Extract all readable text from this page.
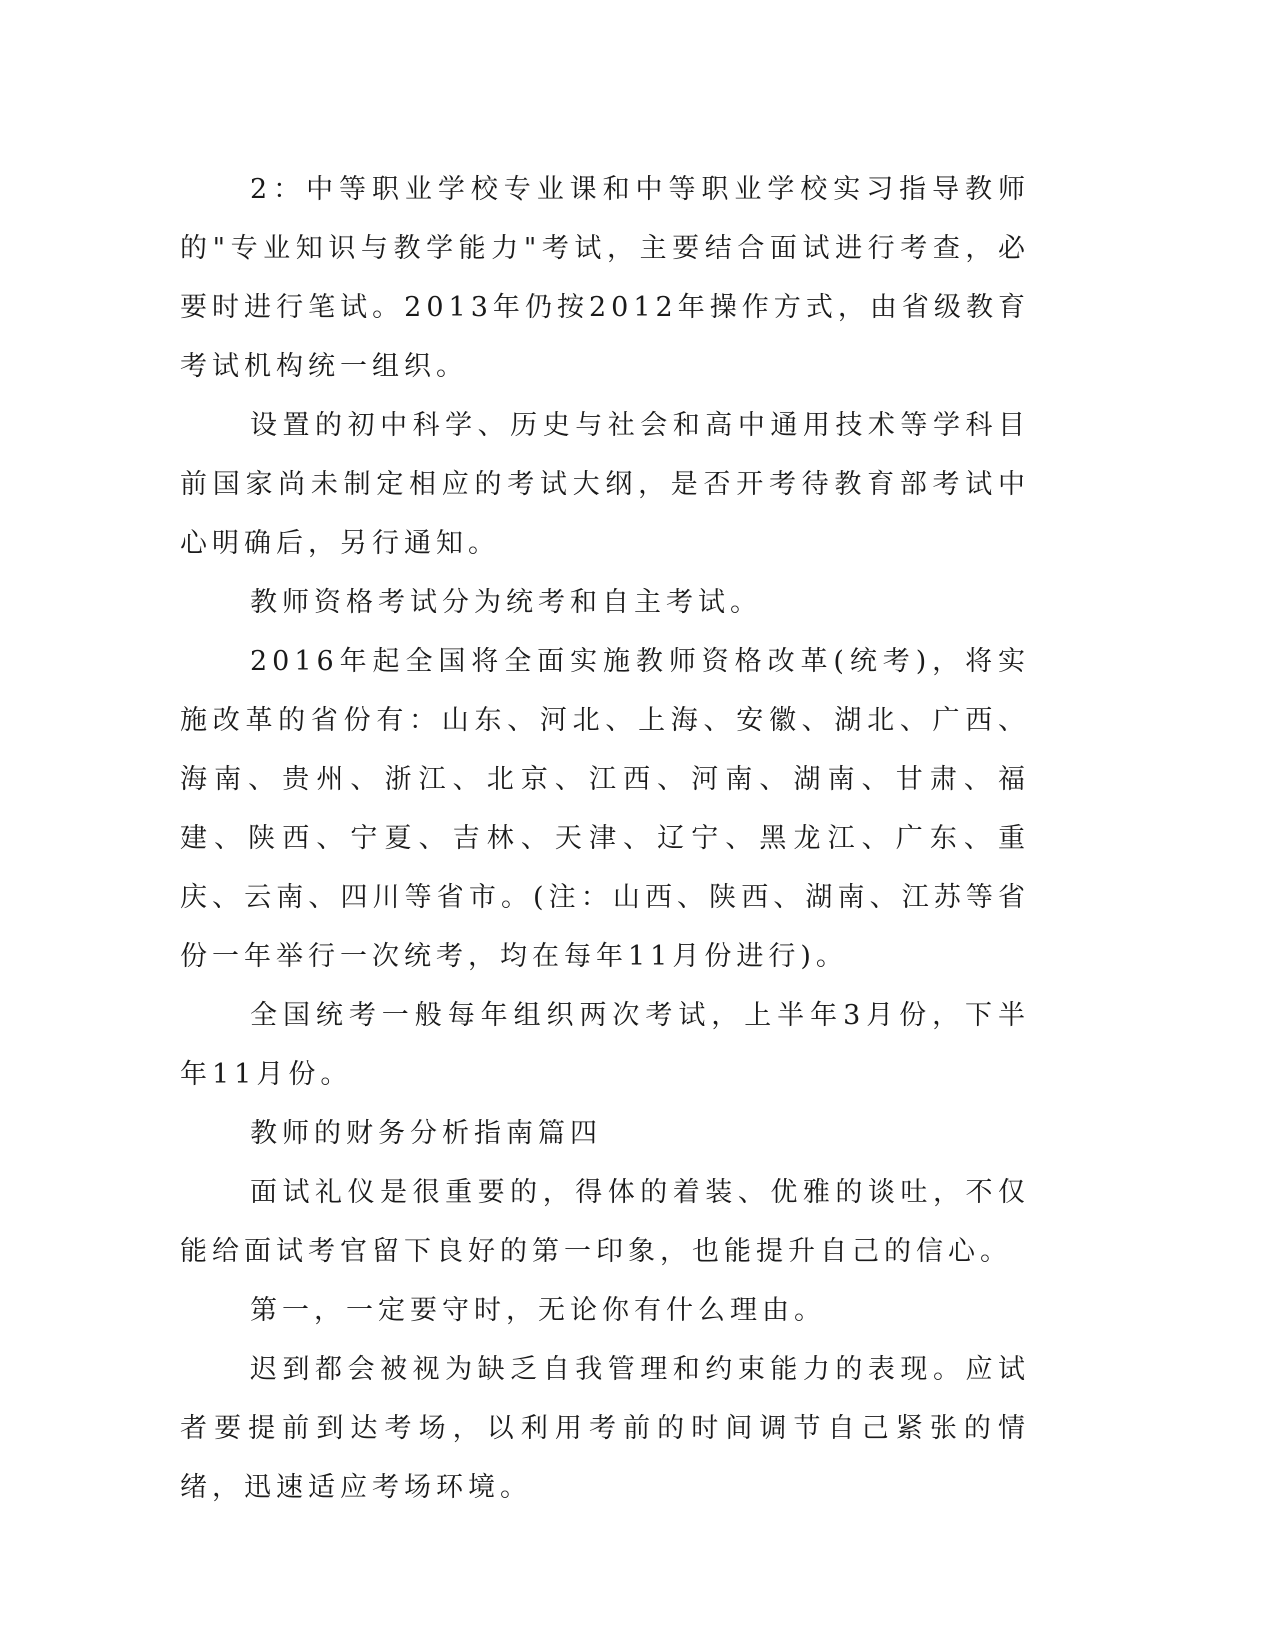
2：中等职业学校专业课和中等职业学校实习指导教师的"专业知识与教学能力"考试，主要结合面试进行考查，必要时进行笔试。2013年仍按2012年操作方式，由省级教育考试机构统一组织。

设置的初中科学、历史与社会和高中通用技术等学科目前国家尚未制定相应的考试大纲，是否开考待教育部考试中心明确后，另行通知。

教师资格考试分为统考和自主考试。

2016年起全国将全面实施教师资格改革(统考)，将实施改革的省份有：山东、河北、上海、安徽、湖北、广西、海南、贵州、浙江、北京、江西、河南、湖南、甘肃、福建、陕西、宁夏、吉林、天津、辽宁、黑龙江、广东、重庆、云南、四川等省市。(注：山西、陕西、湖南、江苏等省份一年举行一次统考，均在每年11月份进行)。

全国统考一般每年组织两次考试，上半年3月份，下半年11月份。

教师的财务分析指南篇四

面试礼仪是很重要的，得体的着装、优雅的谈吐，不仅能给面试考官留下良好的第一印象，也能提升自己的信心。

第一，一定要守时，无论你有什么理由。

迟到都会被视为缺乏自我管理和约束能力的表现。应试者要提前到达考场，以利用考前的时间调节自己紧张的情绪，迅速适应考场环境。
